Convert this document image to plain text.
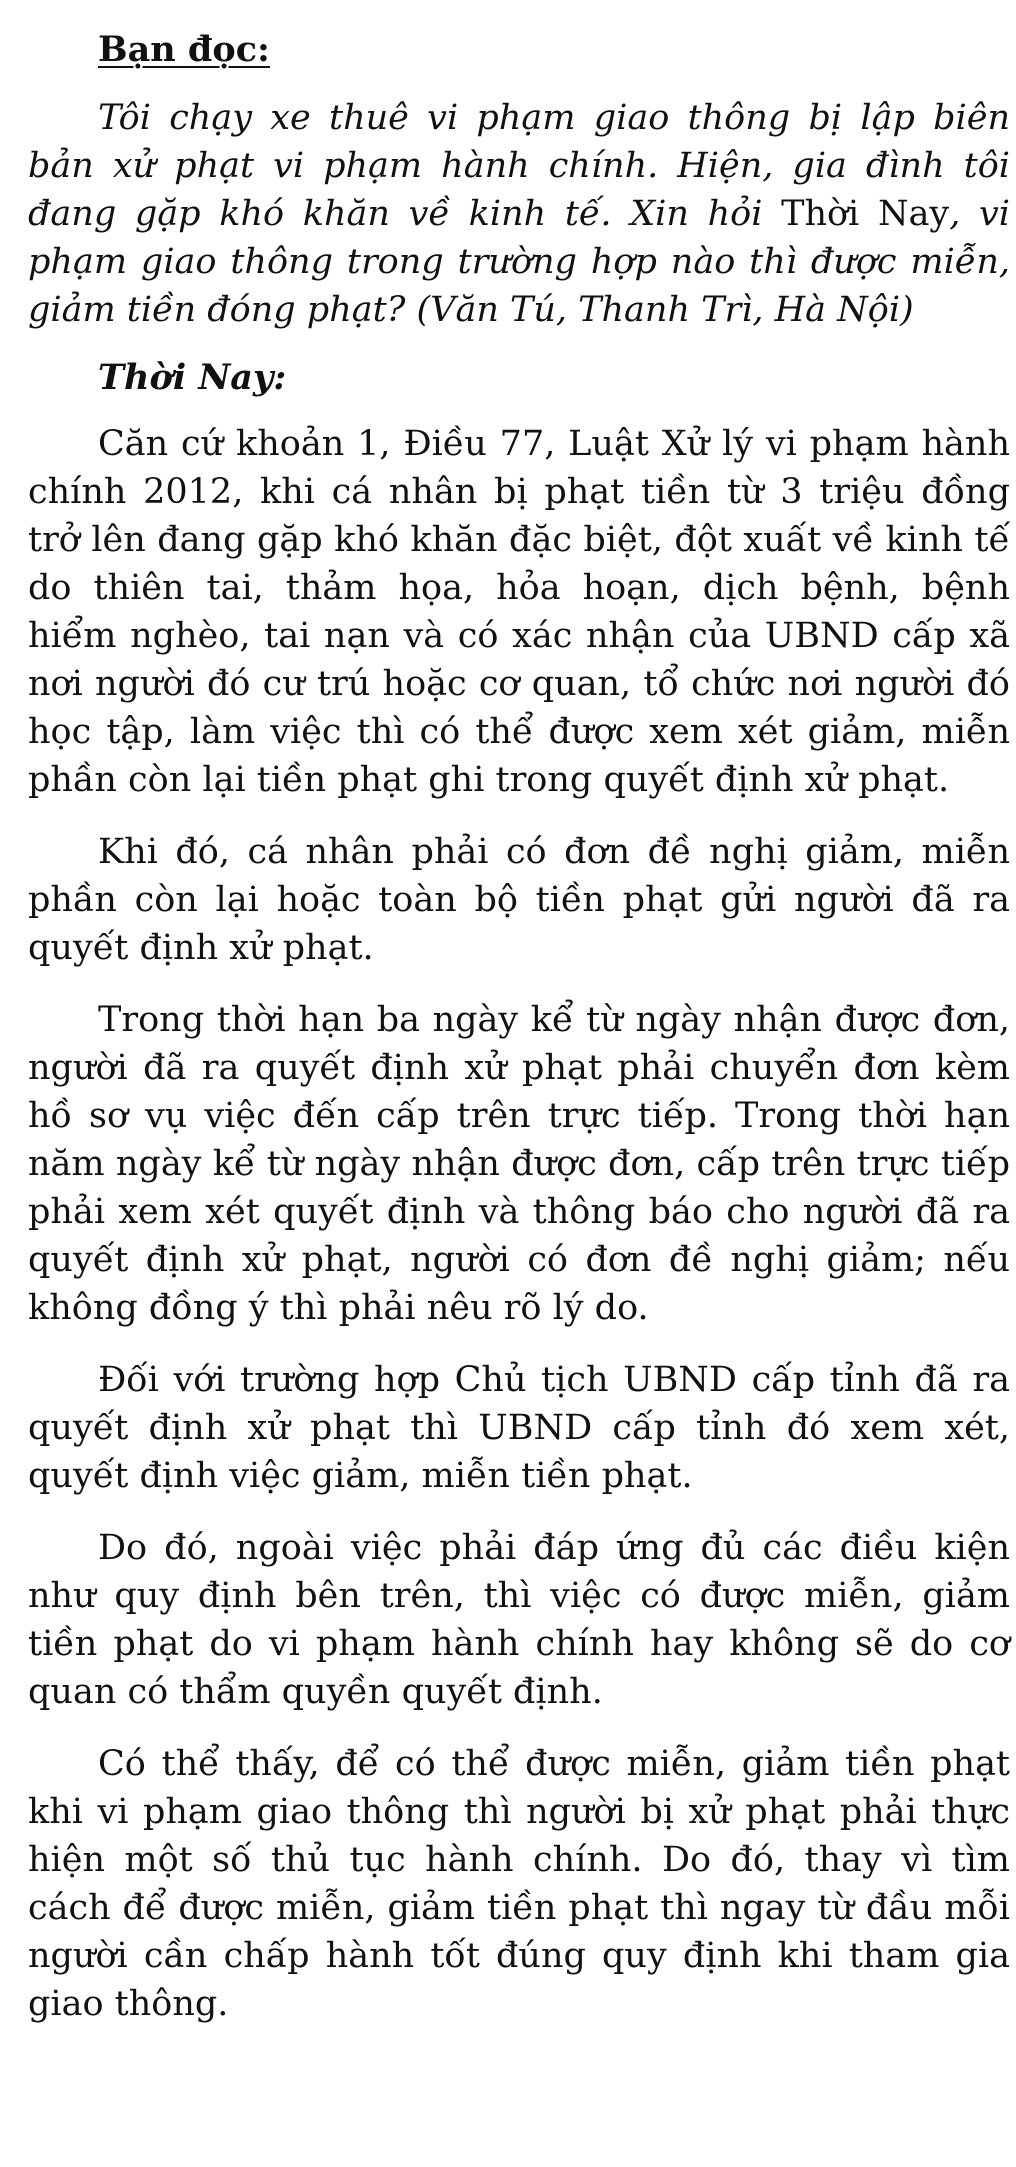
Bạn đọc:

Tôi chạy xe thuê vi phạm giao thông bị lập biên bản xử phạt vi phạm hành chính. Hiện, gia đình tôi đang gặp khó khăn về kinh tế. Xin hỏi Thời Nay, vi phạm giao thông trong trường hợp nào thì được miễn, giảm tiền đóng phạt? (Văn Tú, Thanh Trì, Hà Nội)

Thời Nay:

Căn cứ khoản 1, Điều 77, Luật Xử lý vi phạm hành chính 2012, khi cá nhân bị phạt tiền từ 3 triệu đồng trở lên đang gặp khó khăn đặc biệt, đột xuất về kinh tế do thiên tai, thảm họa, hỏa hoạn, dịch bệnh, bệnh hiểm nghèo, tai nạn và có xác nhận của UBND cấp xã nơi người đó cư trú hoặc cơ quan, tổ chức nơi người đó học tập, làm việc thì có thể được xem xét giảm, miễn phần còn lại tiền phạt ghi trong quyết định xử phạt.

Khi đó, cá nhân phải có đơn đề nghị giảm, miễn phần còn lại hoặc toàn bộ tiền phạt gửi người đã ra quyết định xử phạt.

Trong thời hạn ba ngày kể từ ngày nhận được đơn, người đã ra quyết định xử phạt phải chuyển đơn kèm hồ sơ vụ việc đến cấp trên trực tiếp. Trong thời hạn năm ngày kể từ ngày nhận được đơn, cấp trên trực tiếp phải xem xét quyết định và thông báo cho người đã ra quyết định xử phạt, người có đơn đề nghị giảm; nếu không đồng ý thì phải nêu rõ lý do.

Đối với trường hợp Chủ tịch UBND cấp tỉnh đã ra quyết định xử phạt thì UBND cấp tỉnh đó xem xét, quyết định việc giảm, miễn tiền phạt.

Do đó, ngoài việc phải đáp ứng đủ các điều kiện như quy định bên trên, thì việc có được miễn, giảm tiền phạt do vi phạm hành chính hay không sẽ do cơ quan có thẩm quyền quyết định.

Có thể thấy, để có thể được miễn, giảm tiền phạt khi vi phạm giao thông thì người bị xử phạt phải thực hiện một số thủ tục hành chính. Do đó, thay vì tìm cách để được miễn, giảm tiền phạt thì ngay từ đầu mỗi người cần chấp hành tốt đúng quy định khi tham gia giao thông.
